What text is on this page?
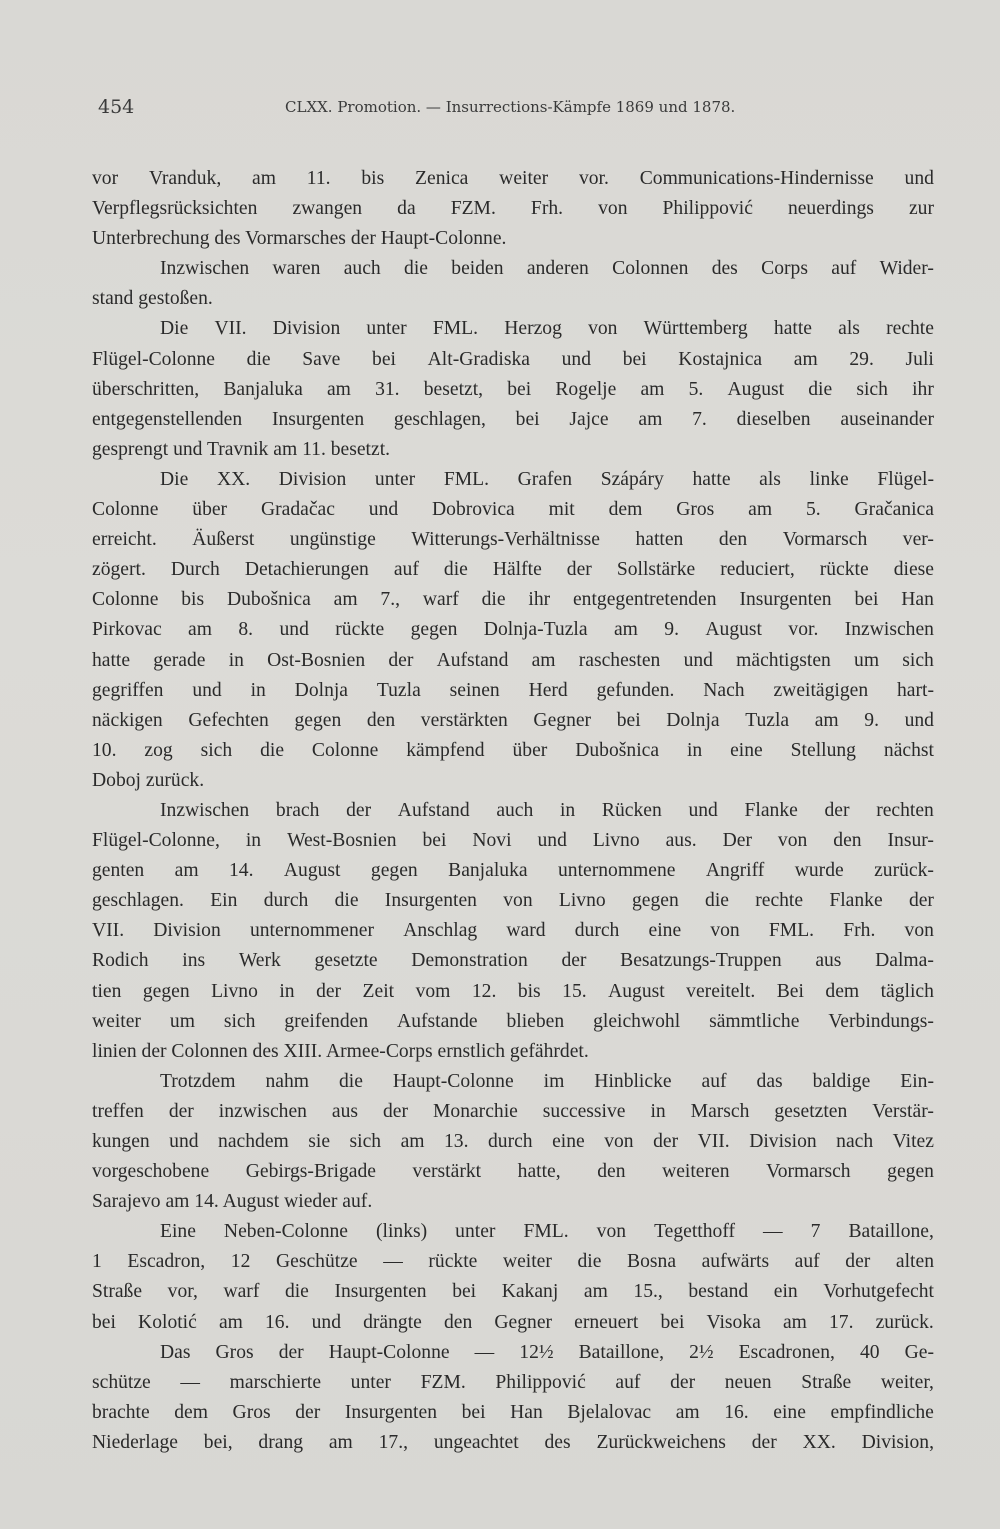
454	CLXX. Promotion. — Insurrections-Kämpfe 1869 und 1878.
vor Vranduk, am 11. bis Zenica weiter vor. Communications-Hindernisse und
Verpflegsrücksichten zwangen da FZM. Frh. von Philippović neuerdings zur
Unterbrechung des Vormarsches der Haupt-Colonne.
Inzwischen waren auch die beiden anderen Colonnen des Corps auf Wider-
stand gestoßen.
Die VII. Division unter FML. Herzog von Württemberg hatte als rechte
Flügel-Colonne die Save bei Alt-Gradiska und bei Kostajnica am 29. Juli
überschritten, Banjaluka am 31. besetzt, bei Rogelje am 5. August die sich ihr
entgegenstellenden Insurgenten geschlagen, bei Jajce am 7. dieselben auseinander
gesprengt und Travnik am 11. besetzt.
Die XX. Division unter FML. Grafen Szápáry hatte als linke Flügel-
Colonne über Gradačac und Dobrovica mit dem Gros am 5. Gračanica
erreicht. Äußerst ungünstige Witterungs-Verhältnisse hatten den Vormarsch ver-
zögert. Durch Detachierungen auf die Hälfte der Sollstärke reduciert, rückte diese
Colonne bis Dubošnica am 7., warf die ihr entgegentretenden Insurgenten bei Han
Pirkovac am 8. und rückte gegen Dolnja-Tuzla am 9. August vor. Inzwischen
hatte gerade in Ost-Bosnien der Aufstand am raschesten und mächtigsten um sich
gegriffen und in Dolnja Tuzla seinen Herd gefunden. Nach zweitägigen hart-
näckigen Gefechten gegen den verstärkten Gegner bei Dolnja Tuzla am 9. und
10. zog sich die Colonne kämpfend über Dubošnica in eine Stellung nächst
Doboj zurück.
Inzwischen brach der Aufstand auch in Rücken und Flanke der rechten
Flügel-Colonne, in West-Bosnien bei Novi und Livno aus. Der von den Insur-
genten am 14. August gegen Banjaluka unternommene Angriff wurde zurück-
geschlagen. Ein durch die Insurgenten von Livno gegen die rechte Flanke der
VII. Division unternommener Anschlag ward durch eine von FML. Frh. von
Rodich ins Werk gesetzte Demonstration der Besatzungs-Truppen aus Dalma-
tien gegen Livno in der Zeit vom 12. bis 15. August vereitelt. Bei dem täglich
weiter um sich greifenden Aufstande blieben gleichwohl sämmtliche Verbindungs-
linien der Colonnen des XIII. Armee-Corps ernstlich gefährdet.
Trotzdem nahm die Haupt-Colonne im Hinblicke auf das baldige Ein-
treffen der inzwischen aus der Monarchie successive in Marsch gesetzten Verstär-
kungen und nachdem sie sich am 13. durch eine von der VII. Division nach Vitez
vorgeschobene Gebirgs-Brigade verstärkt hatte, den weiteren Vormarsch gegen
Sarajevo am 14. August wieder auf.
Eine Neben-Colonne (links) unter FML. von Tegetthoff — 7 Bataillone,
1 Escadron, 12 Geschütze — rückte weiter die Bosna aufwärts auf der alten
Straße vor, warf die Insurgenten bei Kakanj am 15., bestand ein Vorhutgefecht
bei Kolotić am 16. und drängte den Gegner erneuert bei Visoka am 17. zurück.
Das Gros der Haupt-Colonne — 12½ Bataillone, 2½ Escadronen, 40 Ge-
schütze — marschierte unter FZM. Philippović auf der neuen Straße weiter,
brachte dem Gros der Insurgenten bei Han Bjelalovac am 16. eine empfindliche
Niederlage bei, drang am 17., ungeachtet des Zurückweichens der XX. Division,
